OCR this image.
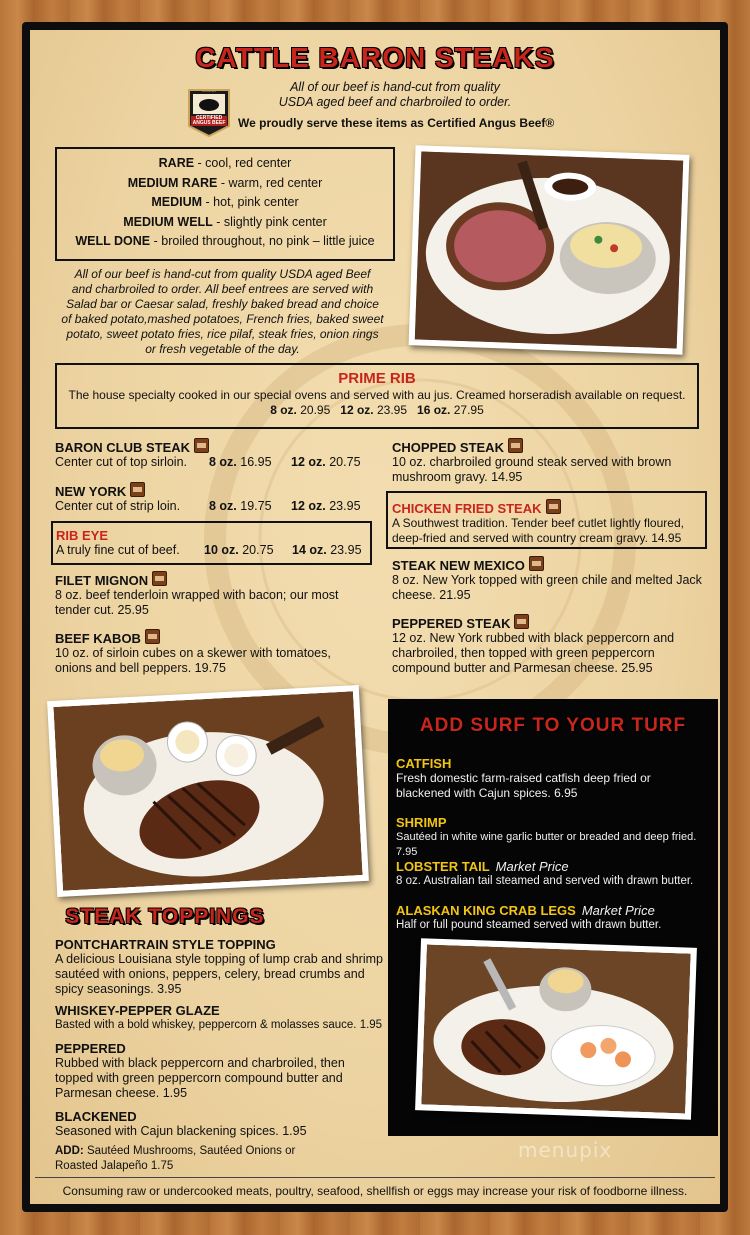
CATTLE BARON STEAKS
BRAND
CERTIFIED
ANGUS BEEF
All of our beef is hand-cut from quality
USDA aged beef and charbroiled to order.
We proudly serve these items as Certified Angus Beef®
RARE - cool, red center
MEDIUM RARE - warm, red center
MEDIUM - hot, pink center
MEDIUM WELL - slightly pink center
WELL DONE - broiled throughout, no pink – little juice
All of our beef is hand-cut from quality USDA aged Beef
and charbroiled to order. All beef entrees are served with
Salad bar or Caesar salad, freshly baked bread and choice
of baked potato,mashed potatoes, French fries, baked sweet
potato, sweet potato fries, rice pilaf, steak fries, onion rings
or fresh vegetable of the day.
PRIME RIB
The house specialty cooked in our special ovens and served with au jus. Creamed horseradish available on request.
8 oz. 20.95 12 oz. 23.95 16 oz. 27.95
BARON CLUB STEAK
Center cut of top sirloin. 8 oz. 16.95 12 oz. 20.75
NEW YORK
Center cut of strip loin. 8 oz. 19.75 12 oz. 23.95
RIB EYE
A truly fine cut of beef. 10 oz. 20.75 14 oz. 23.95
FILET MIGNON
8 oz. beef tenderloin wrapped with bacon; our most
tender cut. 25.95
BEEF KABOB
10 oz. of sirloin cubes on a skewer with tomatoes,
onions and bell peppers. 19.75
CHOPPED STEAK
10 oz. charbroiled ground steak served with brown
mushroom gravy. 14.95
CHICKEN FRIED STEAK
A Southwest tradition. Tender beef cutlet lightly floured,
deep-fried and served with country cream gravy. 14.95
STEAK NEW MEXICO
8 oz. New York topped with green chile and melted Jack
cheese. 21.95
PEPPERED STEAK
12 oz. New York rubbed with black peppercorn and
charbroiled, then topped with green peppercorn
compound butter and Parmesan cheese. 25.95
STEAK TOPPINGS
PONTCHARTRAIN STYLE TOPPING
A delicious Louisiana style topping of lump crab and shrimp
sautéed with onions, peppers, celery, bread crumbs and
spicy seasonings. 3.95
WHISKEY-PEPPER GLAZE
Basted with a bold whiskey, peppercorn & molasses sauce. 1.95
PEPPERED
Rubbed with black peppercorn and charbroiled, then
topped with green peppercorn compound butter and
Parmesan cheese. 1.95
BLACKENED
Seasoned with Cajun blackening spices. 1.95
ADD: Sautéed Mushrooms, Sautéed Onions or
Roasted Jalapeño 1.75
ADD SURF TO YOUR TURF
CATFISH
Fresh domestic farm-raised catfish deep fried or
blackened with Cajun spices. 6.95
SHRIMP
Sautéed in white wine garlic butter or breaded and deep fried. 7.95
LOBSTER TAIL Market Price
8 oz. Australian tail steamed and served with drawn butter.
ALASKAN KING CRAB LEGS Market Price
Half or full pound steamed served with drawn butter.
menupix
Consuming raw or undercooked meats, poultry, seafood, shellfish or eggs may increase your risk of foodborne illness.
